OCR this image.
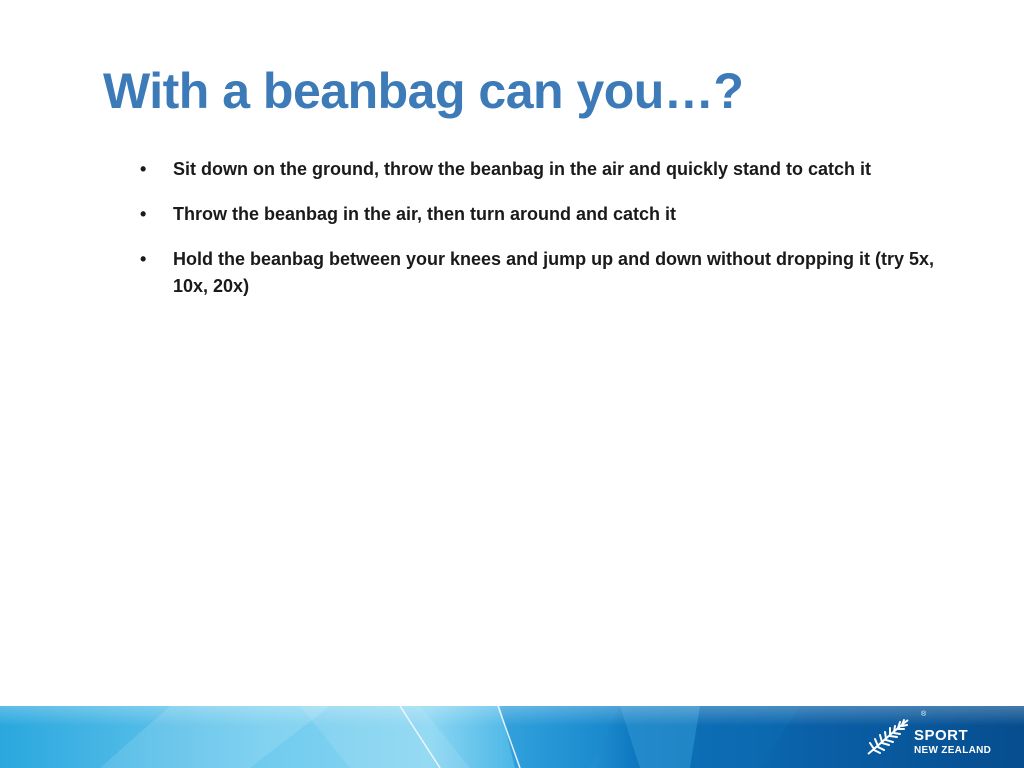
With a beanbag can you…?
• Sit down on the ground, throw the beanbag in the air and quickly stand to catch it
• Throw the beanbag in the air, then turn around and catch it
• Hold the beanbag between your knees and jump up and down without dropping it (try 5x, 10x, 20x)
®
SPORT
NEW ZEALAND
